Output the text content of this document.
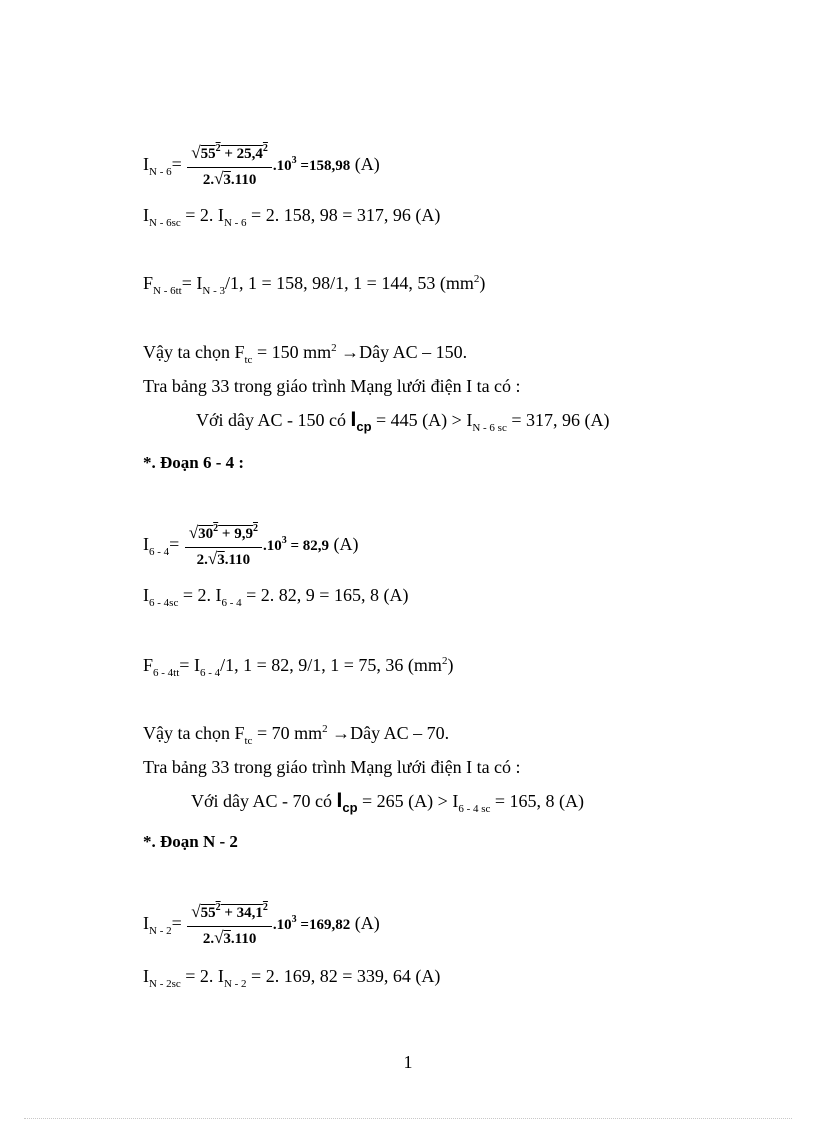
$I_{N - 6}= \frac{√55^2 + 25,4^2}{2.√3.110} .10^3 =158,98$ (A)
$I_{N - 6sc} = 2$. $I_{N - 6} = 2$. 158, 98 = 317, 96 (A)
$F_{N - 6tt}= I_{N - 3}/1$, 1 = 158, 98/1, 1 = 144, 53 $(mm^2)$
Vậy ta chọn $F_{tc} = 150$ $mm^2$ →Dây AC – 150.
Tra bảng 33 trong giáo trình Mạng lưới điện I ta có :
Với dây AC - 150 có $I_{cp} = 445$ $(A) > I_{N - 6 sc} = 317$, 96 (A)
*. Đoạn 6 - 4 :
$I_{6 - 4}= \frac{√30^2 + 9,9^2}{2.√3.110} .10^3 = 82,9$ (A)
$I_{6 - 4sc} = 2$. $I_{6 - 4} = 2$. 82, 9 = 165, 8 (A)
$F_{6 - 4tt}= I_{6 - 4}/1$, 1 = 82, 9/1, 1 = 75, 36 $(mm^2)$
Vậy ta chọn $F_{tc} = 70$ $mm^2$ →Dây AC – 70.
Tra bảng 33 trong giáo trình Mạng lưới điện I ta có :
Với dây AC - 70 có $I_{cp} = 265$ $(A) > I_{6 - 4 sc} = 165$, 8 (A)
*. Đoạn N - 2
$I_{N - 2}= \frac{√55^2 + 34,1^2}{2.√3.110} .10^3 =169,82$ (A)
$I_{N - 2sc} = 2$. $I_{N - 2} = 2$. 169, 82 = 339, 64 (A)
1
